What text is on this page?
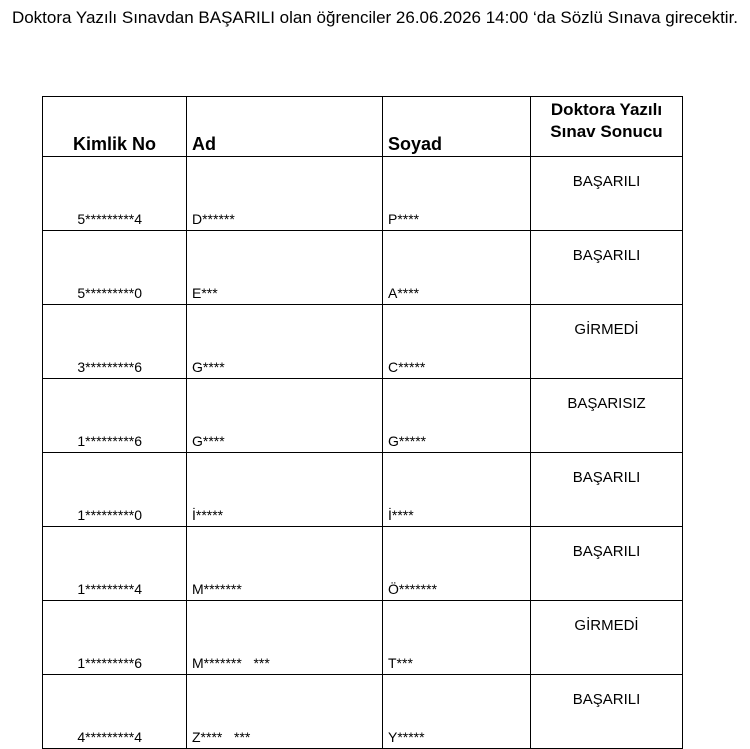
Doktora Yazılı Sınavdan BAŞARILI olan öğrenciler 26.06.2026 14:00 ‘da Sözlü Sınava girecektir.
Kimlik No	Ad	Soyad	Doktora Yazılı
Sınav Sonucu

5*********4	D******	P****	BAŞARILI
5*********0	E***	A****	BAŞARILI
3*********6	G****	C*****	GİRMEDİ
1*********6	G****	G*****	BAŞARISIZ
1*********0	İ*****	İ****	BAŞARILI
1*********4	M*******	Ö*******	BAŞARILI
1*********6	M*******   ***	T***	GİRMEDİ
4*********4	Z****   ***	Y*****	BAŞARILI
